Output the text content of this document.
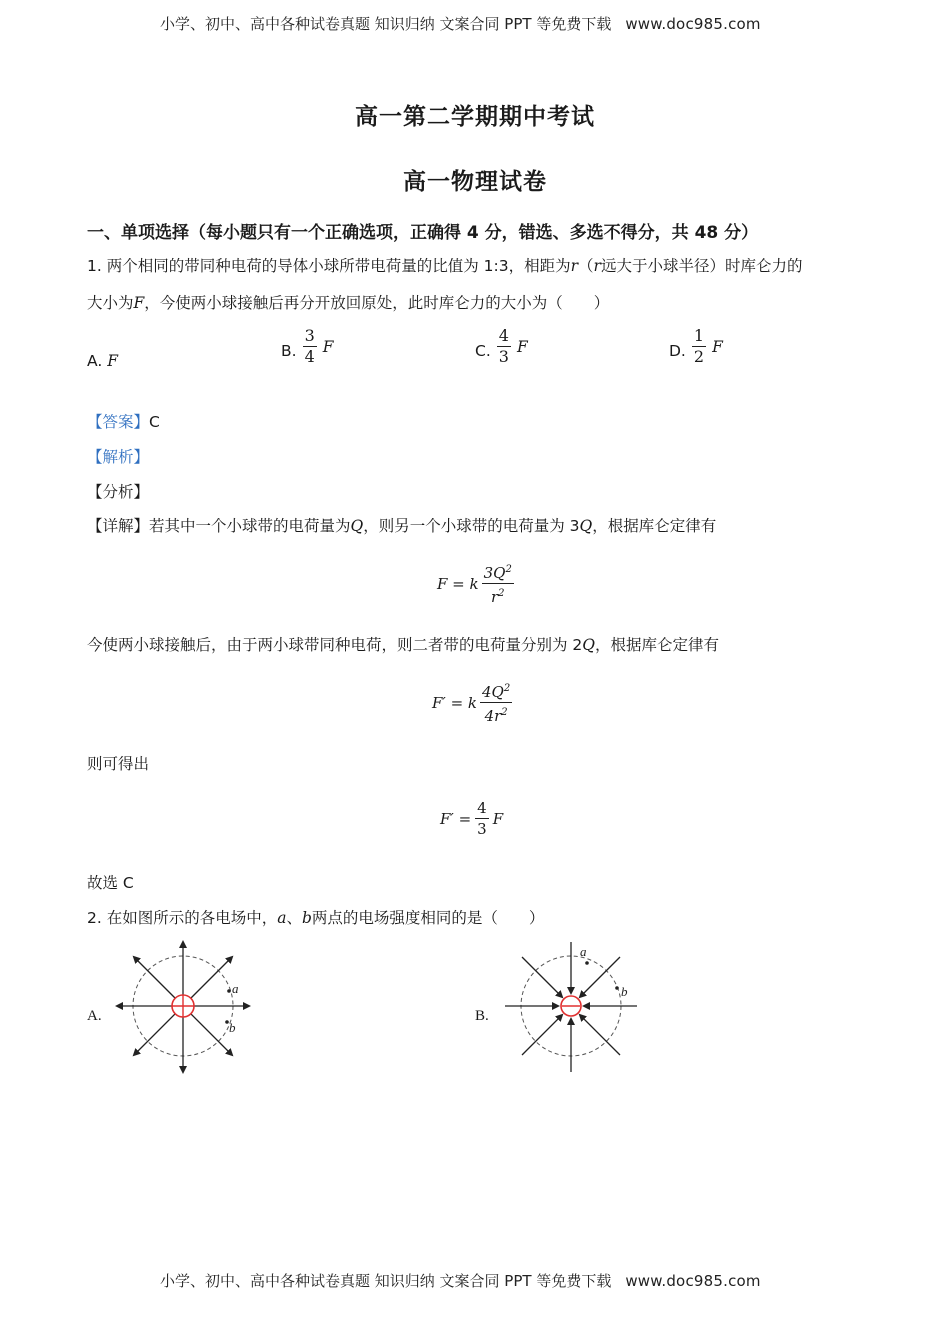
小学、初中、高中各种试卷真题 知识归纳 文案合同 PPT 等免费下载 www.doc985.com
高一第二学期期中考试
高一物理试卷
一、单项选择（每小题只有一个正确选项，正确得 4 分，错选、多选不得分，共 48 分）
1. 两个相同的带同种电荷的导体小球所带电荷量的比值为 1:3，相距为r（r远大于小球半径）时库仑力的
大小为F，今使两小球接触后再分开放回原处，此时库仑力的大小为（　　）
A. F
B. $\frac{3}{4}$ F	C. $\frac{4}{3}$ F	D. $\frac{1}{2}$ F
【答案】C
【解析】
【分析】
【详解】若其中一个小球带的电荷量为Q，则另一个小球带的电荷量为 3Q，根据库仑定律有
F = k $\frac{3Q^2}{r^2}$
今使两小球接触后，由于两小球带同种电荷，则二者带的电荷量分别为 2Q，根据库仑定律有
F′ = k $\frac{4Q^2}{4r^2}$
则可得出
$F' = \frac{4}{3}$ F
故选 C
2. 在如图所示的各电场中，a、b两点的电场强度相同的是（　　）
A.	B.
a
b
a
b
小学、初中、高中各种试卷真题 知识归纳 文案合同 PPT 等免费下载 www.doc985.com
